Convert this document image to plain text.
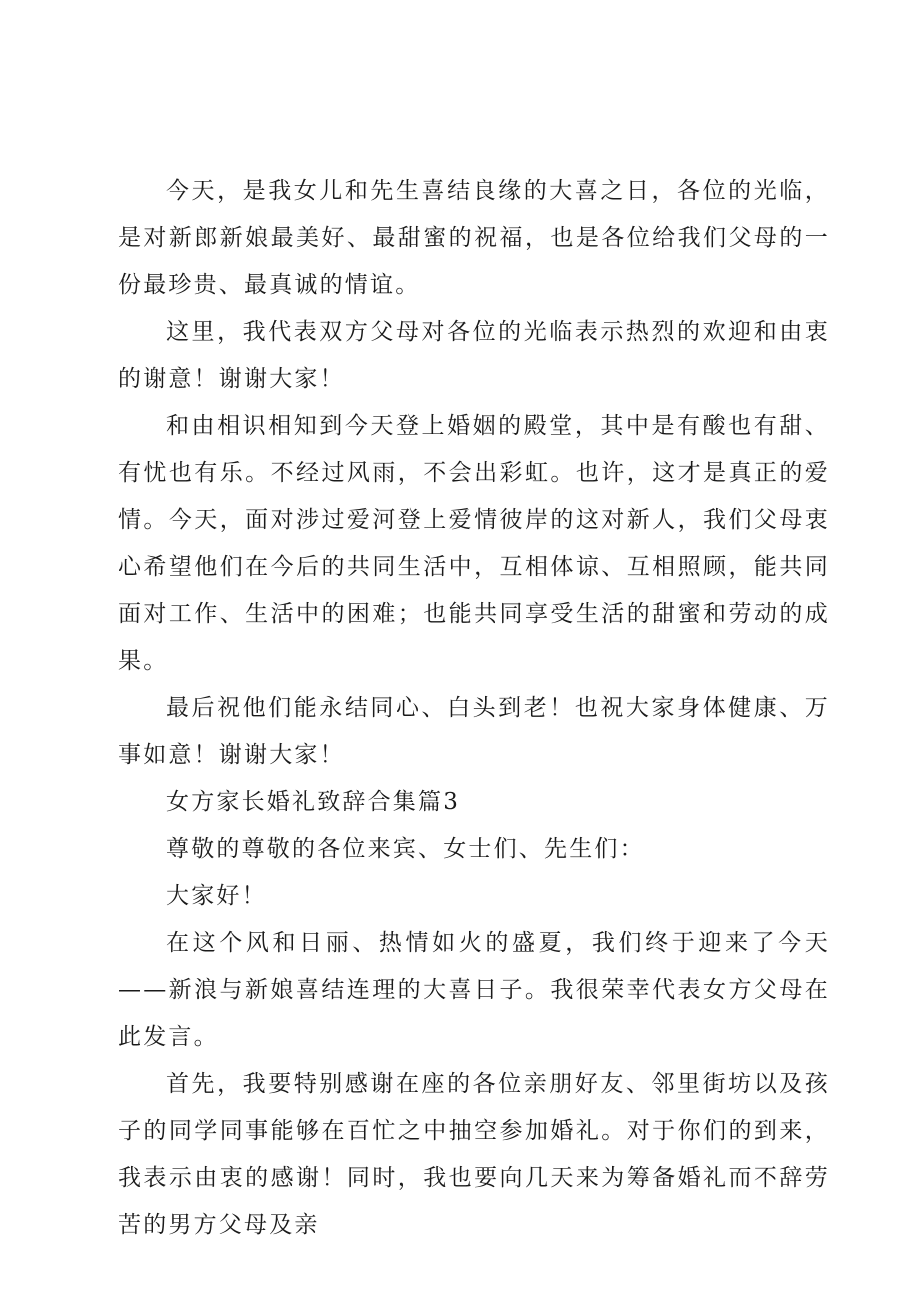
今天，是我女儿和先生喜结良缘的大喜之日，各位的光临，是对新郎新娘最美好、最甜蜜的祝福，也是各位给我们父母的一份最珍贵、最真诚的情谊。

这里，我代表双方父母对各位的光临表示热烈的欢迎和由衷的谢意！谢谢大家！

和由相识相知到今天登上婚姻的殿堂，其中是有酸也有甜、有忧也有乐。不经过风雨，不会出彩虹。也许，这才是真正的爱情。今天，面对涉过爱河登上爱情彼岸的这对新人，我们父母衷心希望他们在今后的共同生活中，互相体谅、互相照顾，能共同面对工作、生活中的困难；也能共同享受生活的甜蜜和劳动的成果。

最后祝他们能永结同心、白头到老！也祝大家身体健康、万事如意！谢谢大家！

女方家长婚礼致辞合集篇3

尊敬的尊敬的各位来宾、女士们、先生们：

大家好！

在这个风和日丽、热情如火的盛夏，我们终于迎来了今天——新浪与新娘喜结连理的大喜日子。我很荣幸代表女方父母在此发言。

首先，我要特别感谢在座的各位亲朋好友、邻里街坊以及孩子的同学同事能够在百忙之中抽空参加婚礼。对于你们的到来，我表示由衷的感谢！同时，我也要向几天来为筹备婚礼而不辞劳苦的男方父母及亲
